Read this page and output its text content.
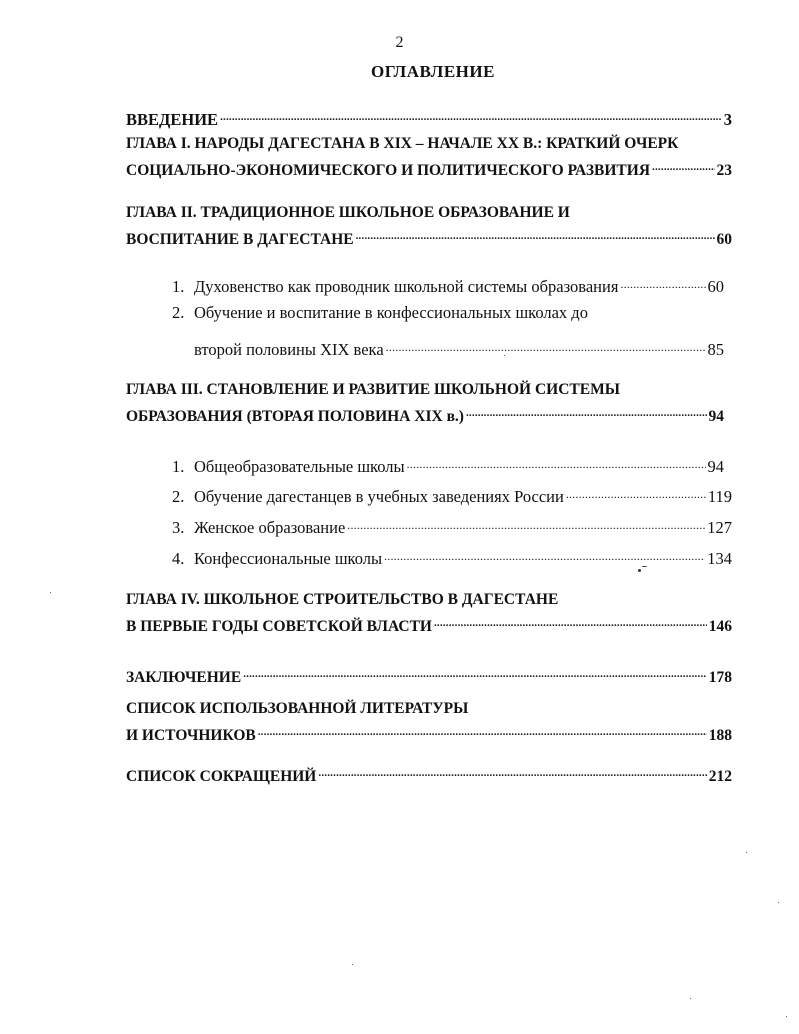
2
ОГЛАВЛЕНИЕ
ВВЕДЕНИЕ .....	3
ГЛАВА I. НАРОДЫ ДАГЕСТАНА В XIX – НАЧАЛЕ XX В.: КРАТКИЙ ОЧЕРК
СОЦИАЛЬНО-ЭКОНОМИЧЕСКОГО И ПОЛИТИЧЕСКОГО РАЗВИТИЯ .....	23
ГЛАВА II. ТРАДИЦИОННОЕ ШКОЛЬНОЕ ОБРАЗОВАНИЕ И
ВОСПИТАНИЕ В ДАГЕСТАНЕ .....	60
1. Духовенство как проводник школьной системы образования .....	60
2. Обучение и воспитание в конфессиональных школах до
второй половины XIX века .....	85
ГЛАВА III. СТАНОВЛЕНИЕ И РАЗВИТИЕ ШКОЛЬНОЙ СИСТЕМЫ
ОБРАЗОВАНИЯ (ВТОРАЯ ПОЛОВИНА XIX в.) .....	94
1. Общеобразовательные школы .....	94
2. Обучение дагестанцев в учебных заведениях России .....	119
3. Женское образование .....	127
4. Конфессиональные школы .....	134
ГЛАВА IV. ШКОЛЬНОЕ СТРОИТЕЛЬСТВО В ДАГЕСТАНЕ
В ПЕРВЫЕ ГОДЫ СОВЕТСКОЙ ВЛАСТИ .....	146
ЗАКЛЮЧЕНИЕ .....	178
СПИСОК ИСПОЛЬЗОВАННОЙ ЛИТЕРАТУРЫ
И ИСТОЧНИКОВ .....	188
СПИСОК СОКРАЩЕНИЙ .....	212
